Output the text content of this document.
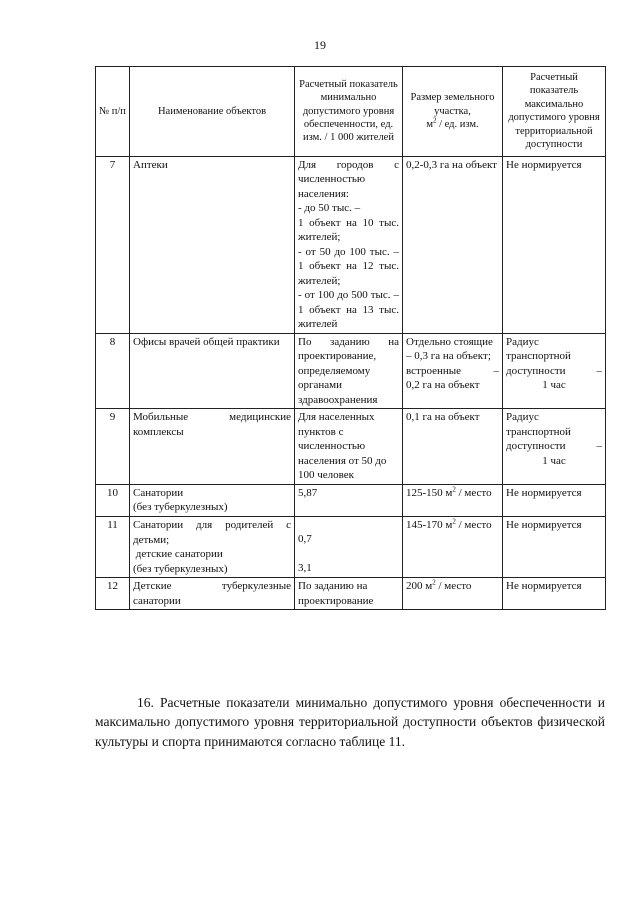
19
№ п/п	Наименование объектов	Расчетный показатель минимально допустимого уровня обеспеченности, ед. изм. / 1 000 жителей	Размер земельного участка,
$м^2$ / ед. изм.	Расчетный показатель максимально допустимого уровня территориальной доступности
7	Аптеки	Для городов с численностью населения:
- до 50 тыс. –
1 объект на 10 тыс. жителей;
- от 50 до 100 тыс. – 1 объект на 12 тыс. жителей;
- от 100 до 500 тыс. – 1 объект на 13 тыс. жителей	0,2-0,3 га на объект	Не нормируется
8	Офисы врачей общей практики	По заданию на проектирование, определяемому органами здравоохранения	Отдельно стоящие – 0,3 га на объект;
встроенные –
0,2 га на объект	Радиус транспортной
доступности –
1 час

9	Мобильные медицинские комплексы	Для населенных пунктов с численностью населения от 50 до 100 человек	0,1 га на объект	Радиус транспортной
доступности –
1 час

10	Санатории
(без туберкулезных)	5,87	125-150 $м^2$ / место	Не нормируется
11	Санатории для родителей с детьми;
детские санатории
(без туберкулезных)	0,7
3,1	145-170 $м^2$ / место	Не нормируется
12	Детские туберкулезные санатории	По заданию на проектирование	200 $м^2$ / место	Не нормируется

16. Расчетные показатели минимально допустимого уровня обеспеченности и максимально допустимого уровня территориальной доступности объектов физической культуры и спорта принимаются согласно таблице 11.
